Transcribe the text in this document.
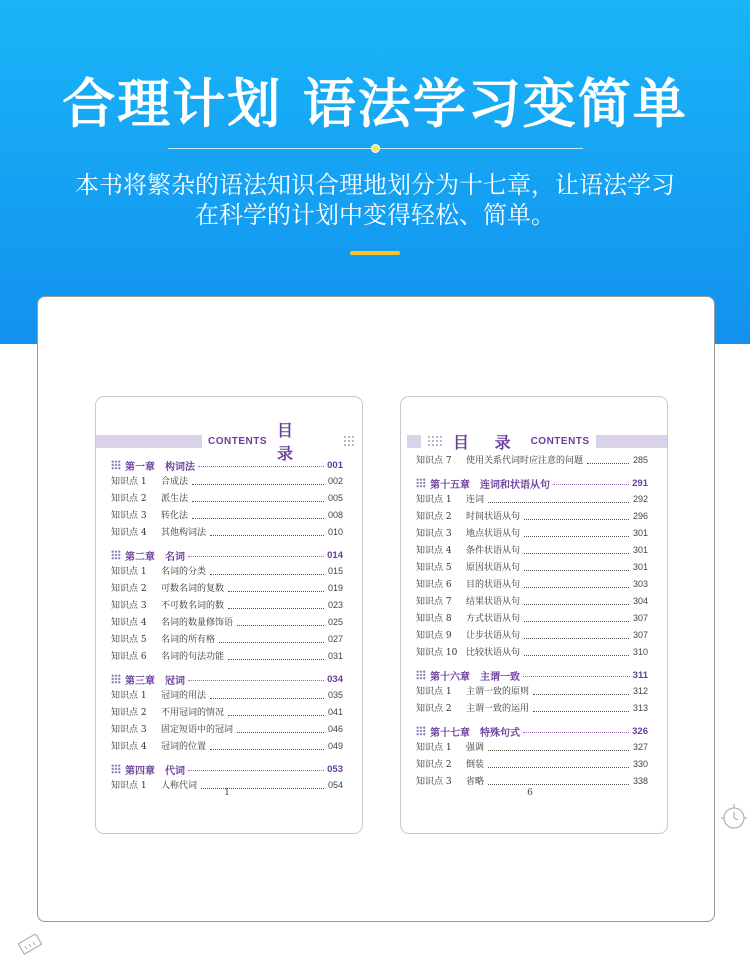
合理计划 语法学习变简单
本书将繁杂的语法知识合理地划分为十七章，让语法学习
在科学的计划中变得轻松、简单。
CONTENTS
目 录
第一章　构词法	001
知识点 1	合成法	002
知识点 2	派生法	005
知识点 3	转化法	008
知识点 4	其他构词法	010
第二章　名词	014
知识点 1	名词的分类	015
知识点 2	可数名词的复数	019
知识点 3	不可数名词的数	023
知识点 4	名词的数量修饰语	025
知识点 5	名词的所有格	027
知识点 6	名词的句法功能	031
第三章　冠词	034
知识点 1	冠词的用法	035
知识点 2	不用冠词的情况	041
知识点 3	固定短语中的冠词	046
知识点 4	冠词的位置	049
第四章　代词	053
知识点 1	人称代词	054
1
目 录 CONTENTS
知识点 7	使用关系代词时应注意的问题	285
第十五章　连词和状语从句	291
知识点 1	连词	292
知识点 2	时间状语从句	296
知识点 3	地点状语从句	301
知识点 4	条件状语从句	301
知识点 5	原因状语从句	301
知识点 6	目的状语从句	303
知识点 7	结果状语从句	304
知识点 8	方式状语从句	307
知识点 9	让步状语从句	307
知识点 10 比较状语从句	310
第十六章　主谓一致	311
知识点 1	主谓一致的原则	312
知识点 2	主谓一致的运用	313
第十七章　特殊句式	326
知识点 1	强调	327
知识点 2	倒装	330
知识点 3	省略	338
6
